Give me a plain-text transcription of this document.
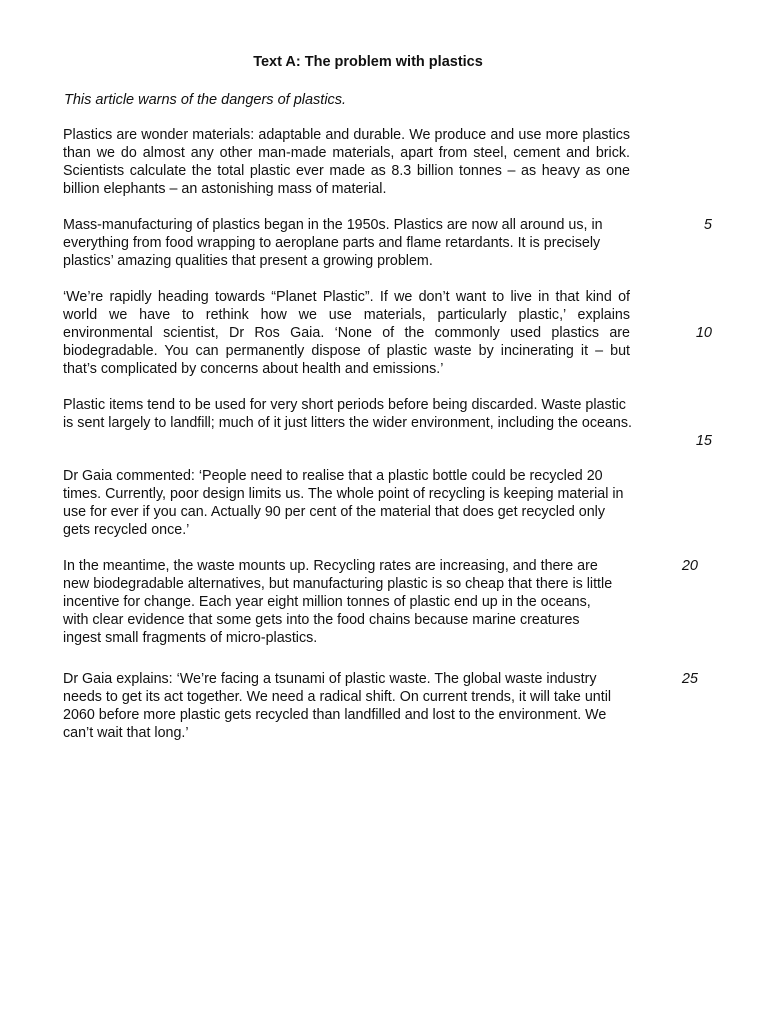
Text A: The problem with plastics
This article warns of the dangers of plastics.

Plastics are wonder materials: adaptable and durable. We produce and use more plastics than we do almost any other man-made materials, apart from steel, cement and brick. Scientists calculate the total plastic ever made as 8.3 billion tonnes – as heavy as one billion elephants – an astonishing mass of material.

Mass-manufacturing of plastics began in the 1950s. Plastics are now all around us, in everything from food wrapping to aeroplane parts and flame retardants. It is precisely plastics’ amazing qualities that present a growing problem.

‘We’re rapidly heading towards “Planet Plastic”. If we don’t want to live in that kind of world we have to rethink how we use materials, particularly plastic,’ explains environmental scientist, Dr Ros Gaia. ‘None of the commonly used plastics are biodegradable. You can permanently dispose of plastic waste by incinerating it – but that’s complicated by concerns about health and emissions.’

Plastic items tend to be used for very short periods before being discarded. Waste plastic is sent largely to landfill; much of it just litters the wider environment, including the oceans.

Dr Gaia commented: ‘People need to realise that a plastic bottle could be recycled 20 times. Currently, poor design limits us. The whole point of recycling is keeping material in use for ever if you can. Actually 90 per cent of the material that does get recycled only gets recycled once.’

In the meantime, the waste mounts up. Recycling rates are increasing, and there are new biodegradable alternatives, but manufacturing plastic is so cheap that there is little incentive for change. Each year eight million tonnes of plastic end up in the oceans, with clear evidence that some gets into the food chains because marine creatures ingest small fragments of micro-plastics.

Dr Gaia explains: ‘We’re facing a tsunami of plastic waste. The global waste industry needs to get its act together. We need a radical shift. On current trends, it will take until 2060 before more plastic gets recycled than landfilled and lost to the environment. We can’t wait that long.’

5
10
15
20
25
